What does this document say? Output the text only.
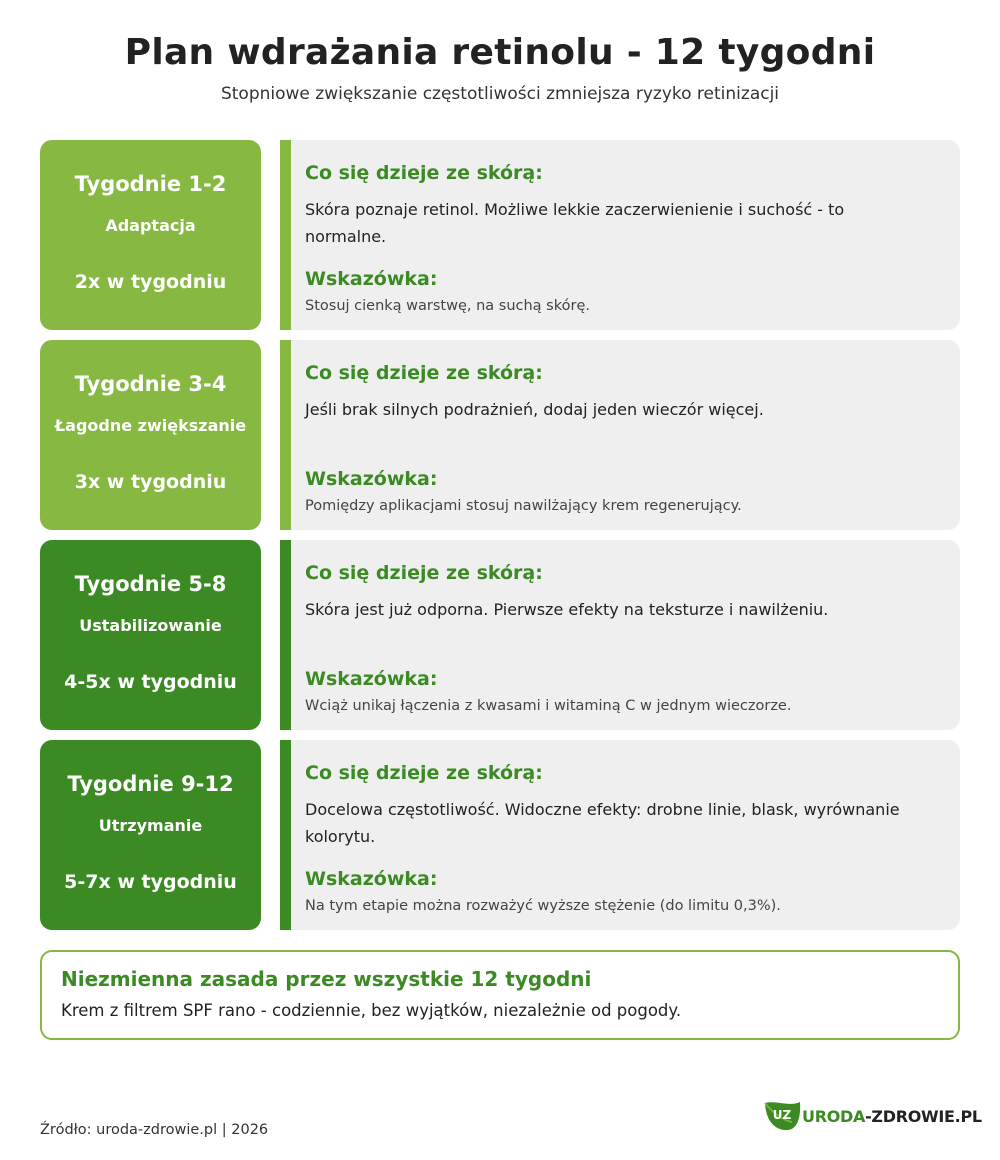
Plan wdrażania retinolu - 12 tygodni
Stopniowe zwiększanie częstotliwości zmniejsza ryzyko retinizacji
Tygodnie 1-2
Adaptacja
2x w tygodniu
Co się dzieje ze skórą:
Skóra poznaje retinol. Możliwe lekkie zaczerwienienie i suchość - to normalne.
Wskazówka:
Stosuj cienką warstwę, na suchą skórę.
Tygodnie 3-4
Łagodne zwiększanie
3x w tygodniu
Co się dzieje ze skórą:
Jeśli brak silnych podrażnień, dodaj jeden wieczór więcej.
Wskazówka:
Pomiędzy aplikacjami stosuj nawilżający krem regenerujący.
Tygodnie 5-8
Ustabilizowanie
4-5x w tygodniu
Co się dzieje ze skórą:
Skóra jest już odporna. Pierwsze efekty na teksturze i nawilżeniu.
Wskazówka:
Wciąż unikaj łączenia z kwasami i witaminą C w jednym wieczorze.
Tygodnie 9-12
Utrzymanie
5-7x w tygodniu
Co się dzieje ze skórą:
Docelowa częstotliwość. Widoczne efekty: drobne linie, blask, wyrównanie kolorytu.
Wskazówka:
Na tym etapie można rozważyć wyższe stężenie (do limitu 0,3%).
Niezmienna zasada przez wszystkie 12 tygodni
Krem z filtrem SPF rano - codziennie, bez wyjątków, niezależnie od pogody.
Źródło: uroda-zdrowie.pl | 2026
UZ URODA-ZDROWIE.PL
